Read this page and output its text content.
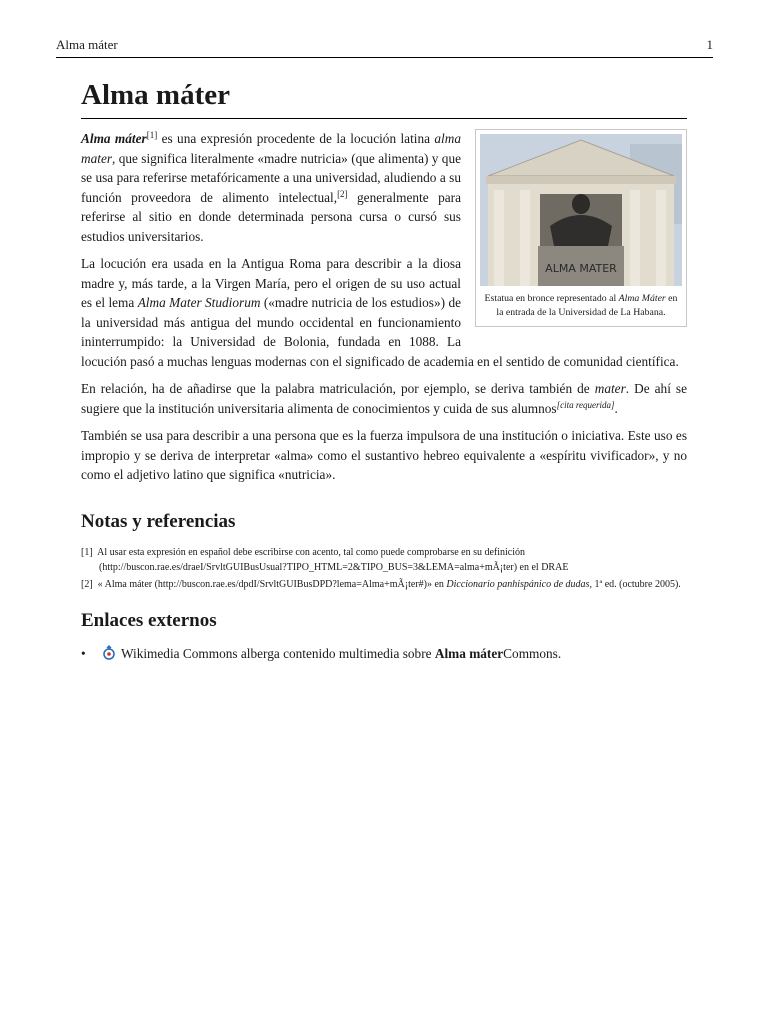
Alma máter	1
Alma máter
ALMA MATER
Estatua en bronce representado al Alma Máter en la entrada de la Universidad de La Habana.

Alma máter[1] es una expresión procedente de la locución latina alma mater, que significa literalmente «madre nutricia» (que alimenta) y que se usa para referirse metafóricamente a una universidad, aludiendo a su función proveedora de alimento intelectual,[2] generalmente para referirse al sitio en donde determinada persona cursa o cursó sus estudios universitarios.

La locución era usada en la Antigua Roma para describir a la diosa madre y, más tarde, a la Virgen María, pero el origen de su uso actual es el lema Alma Mater Studiorum («madre nutricia de los estudios») de la universidad más antigua del mundo occidental en funcionamiento ininterrumpido: la Universidad de Bolonia, fundada en 1088. La locución pasó a muchas lenguas modernas con el significado de academia en el sentido de comunidad científica.

En relación, ha de añadirse que la palabra matriculación, por ejemplo, se deriva también de mater. De ahí se sugiere que la institución universitaria alimenta de conocimientos y cuida de sus alumnos[cita requerida].

También se usa para describir a una persona que es la fuerza impulsora de una institución o iniciativa. Este uso es impropio y se deriva de interpretar «alma» como el sustantivo hebreo equivalente a «espíritu vivificador», y no como el adjetivo latino que significa «nutricia».

Notas y referencias
[1] Al usar esta expresión en español debe escribirse con acento, tal como puede comprobarse en su definición (http://buscon.rae.es/draeI/SrvltGUIBusUsual?TIPO_HTML=2&TIPO_BUS=3&LEMA=alma+mÃ¡ter) en el DRAE
[2] « Alma máter (http://buscon.rae.es/dpdI/SrvltGUIBusDPD?lema=Alma+mÃ¡ter#)» en Diccionario panhispánico de dudas, 1ª ed. (octubre 2005).
Enlaces externos
•	Wikimedia Commons alberga contenido multimedia sobre Alma máterCommons.
